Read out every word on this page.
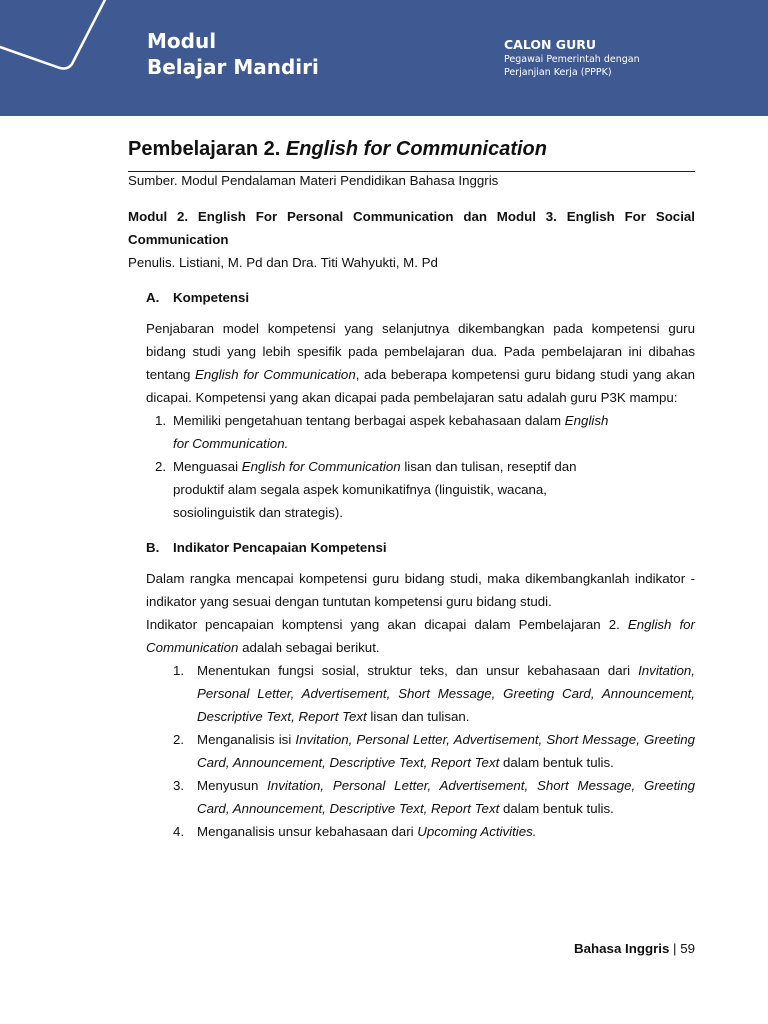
Modul
Belajar Mandiri
CALON GURU
Pegawai Pemerintah dengan
Perjanjian Kerja (PPPK)
Pembelajaran 2. English for Communication
Sumber. Modul Pendalaman Materi Pendidikan Bahasa Inggris
Modul 2. English For Personal Communication dan Modul 3. English For Social Communication
Penulis. Listiani, M. Pd dan Dra. Titi Wahyukti, M. Pd
A.	Kompetensi
Penjabaran model kompetensi yang selanjutnya dikembangkan pada kompetensi guru bidang studi yang lebih spesifik pada pembelajaran dua. Pada pembelajaran ini dibahas tentang English for Communication, ada beberapa kompetensi guru bidang studi yang akan dicapai. Kompetensi yang akan dicapai pada pembelajaran satu adalah guru P3K mampu:
1. Memiliki pengetahuan tentang berbagai aspek kebahasaan dalam English for Communication.
2. Menguasai English for Communication lisan dan tulisan, reseptif dan produktif alam segala aspek komunikatifnya (linguistik, wacana, sosiolinguistik dan strategis).
B.	Indikator Pencapaian Kompetensi
Dalam rangka mencapai kompetensi guru bidang studi, maka dikembangkanlah indikator - indikator yang sesuai dengan tuntutan kompetensi guru bidang studi.
Indikator pencapaian komptensi yang akan dicapai dalam Pembelajaran 2. English for Communication adalah sebagai berikut.
1. Menentukan fungsi sosial, struktur teks, dan unsur kebahasaan dari Invitation, Personal Letter, Advertisement, Short Message, Greeting Card, Announcement, Descriptive Text, Report Text lisan dan tulisan.
2. Menganalisis isi Invitation, Personal Letter, Advertisement, Short Message, Greeting Card, Announcement, Descriptive Text, Report Text dalam bentuk tulis.
3. Menyusun Invitation, Personal Letter, Advertisement, Short Message, Greeting Card, Announcement, Descriptive Text, Report Text dalam bentuk tulis.
4. Menganalisis unsur kebahasaan dari Upcoming Activities.
Bahasa Inggris | 59
